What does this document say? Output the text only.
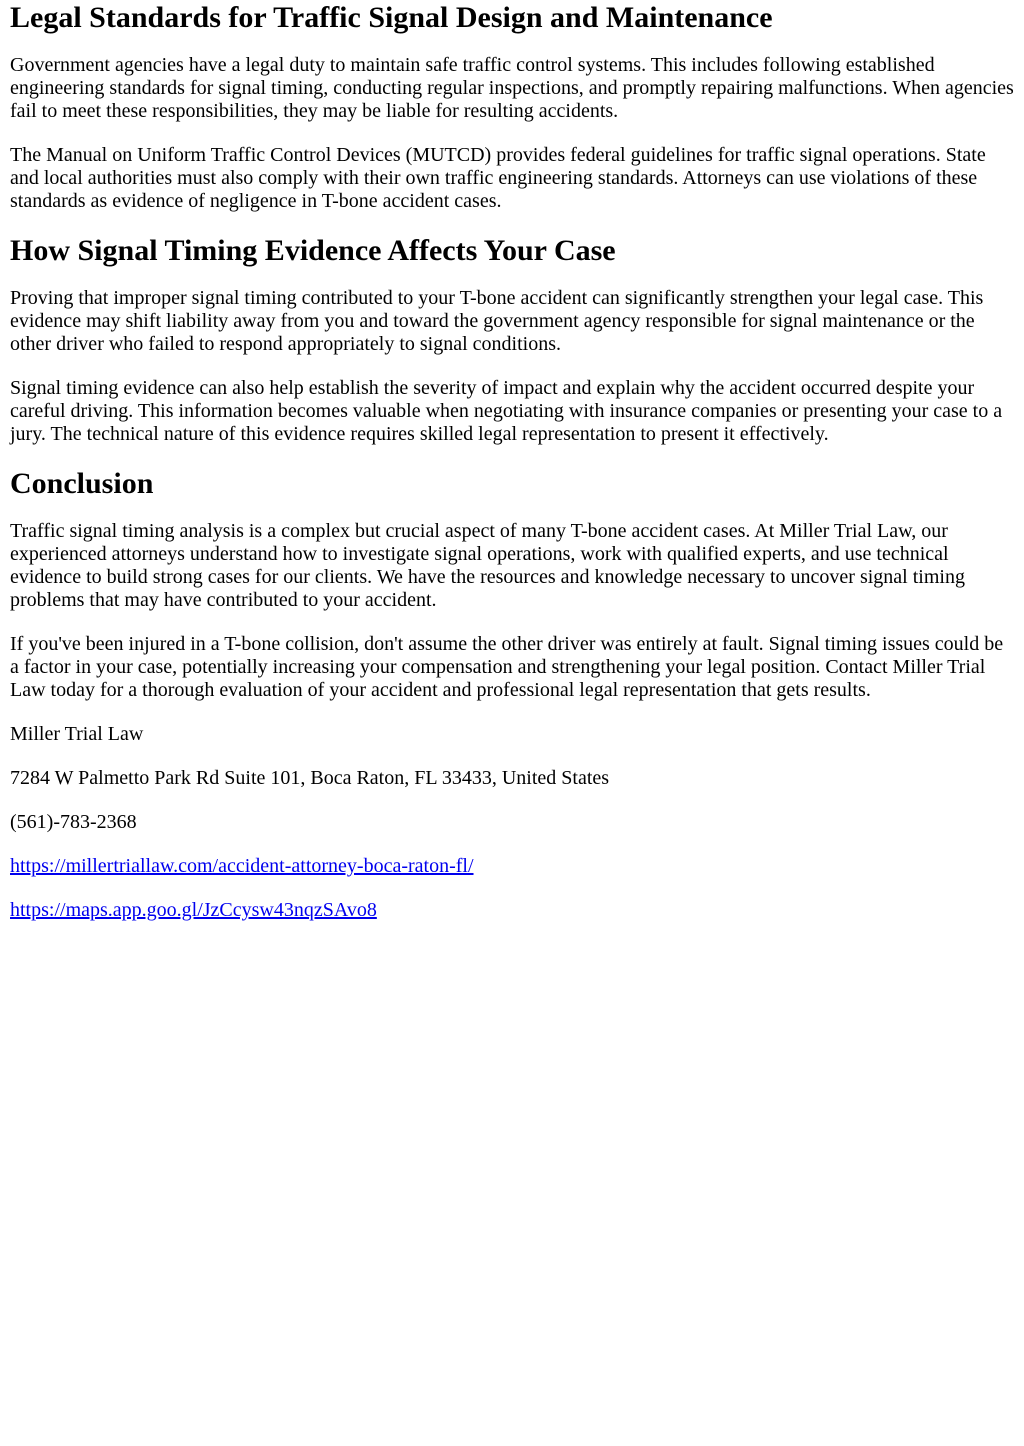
Legal Standards for Traffic Signal Design and Maintenance

Government agencies have a legal duty to maintain safe traffic control systems. This includes following established engineering standards for signal timing, conducting regular inspections, and promptly repairing malfunctions. When agencies fail to meet these responsibilities, they may be liable for resulting accidents.

The Manual on Uniform Traffic Control Devices (MUTCD) provides federal guidelines for traffic signal operations. State and local authorities must also comply with their own traffic engineering standards. Attorneys can use violations of these standards as evidence of negligence in T-bone accident cases.

How Signal Timing Evidence Affects Your Case

Proving that improper signal timing contributed to your T-bone accident can significantly strengthen your legal case. This evidence may shift liability away from you and toward the government agency responsible for signal maintenance or the other driver who failed to respond appropriately to signal conditions.

Signal timing evidence can also help establish the severity of impact and explain why the accident occurred despite your careful driving. This information becomes valuable when negotiating with insurance companies or presenting your case to a jury. The technical nature of this evidence requires skilled legal representation to present it effectively.

Conclusion

Traffic signal timing analysis is a complex but crucial aspect of many T-bone accident cases. At Miller Trial Law, our experienced attorneys understand how to investigate signal operations, work with qualified experts, and use technical evidence to build strong cases for our clients. We have the resources and knowledge necessary to uncover signal timing problems that may have contributed to your accident.

If you've been injured in a T-bone collision, don't assume the other driver was entirely at fault. Signal timing issues could be a factor in your case, potentially increasing your compensation and strengthening your legal position. Contact Miller Trial Law today for a thorough evaluation of your accident and professional legal representation that gets results.

Miller Trial Law

7284 W Palmetto Park Rd Suite 101, Boca Raton, FL 33433, United States

(561)-783-2368

https://millertriallaw.com/accident-attorney-boca-raton-fl/

https://maps.app.goo.gl/JzCcysw43nqzSAvo8
